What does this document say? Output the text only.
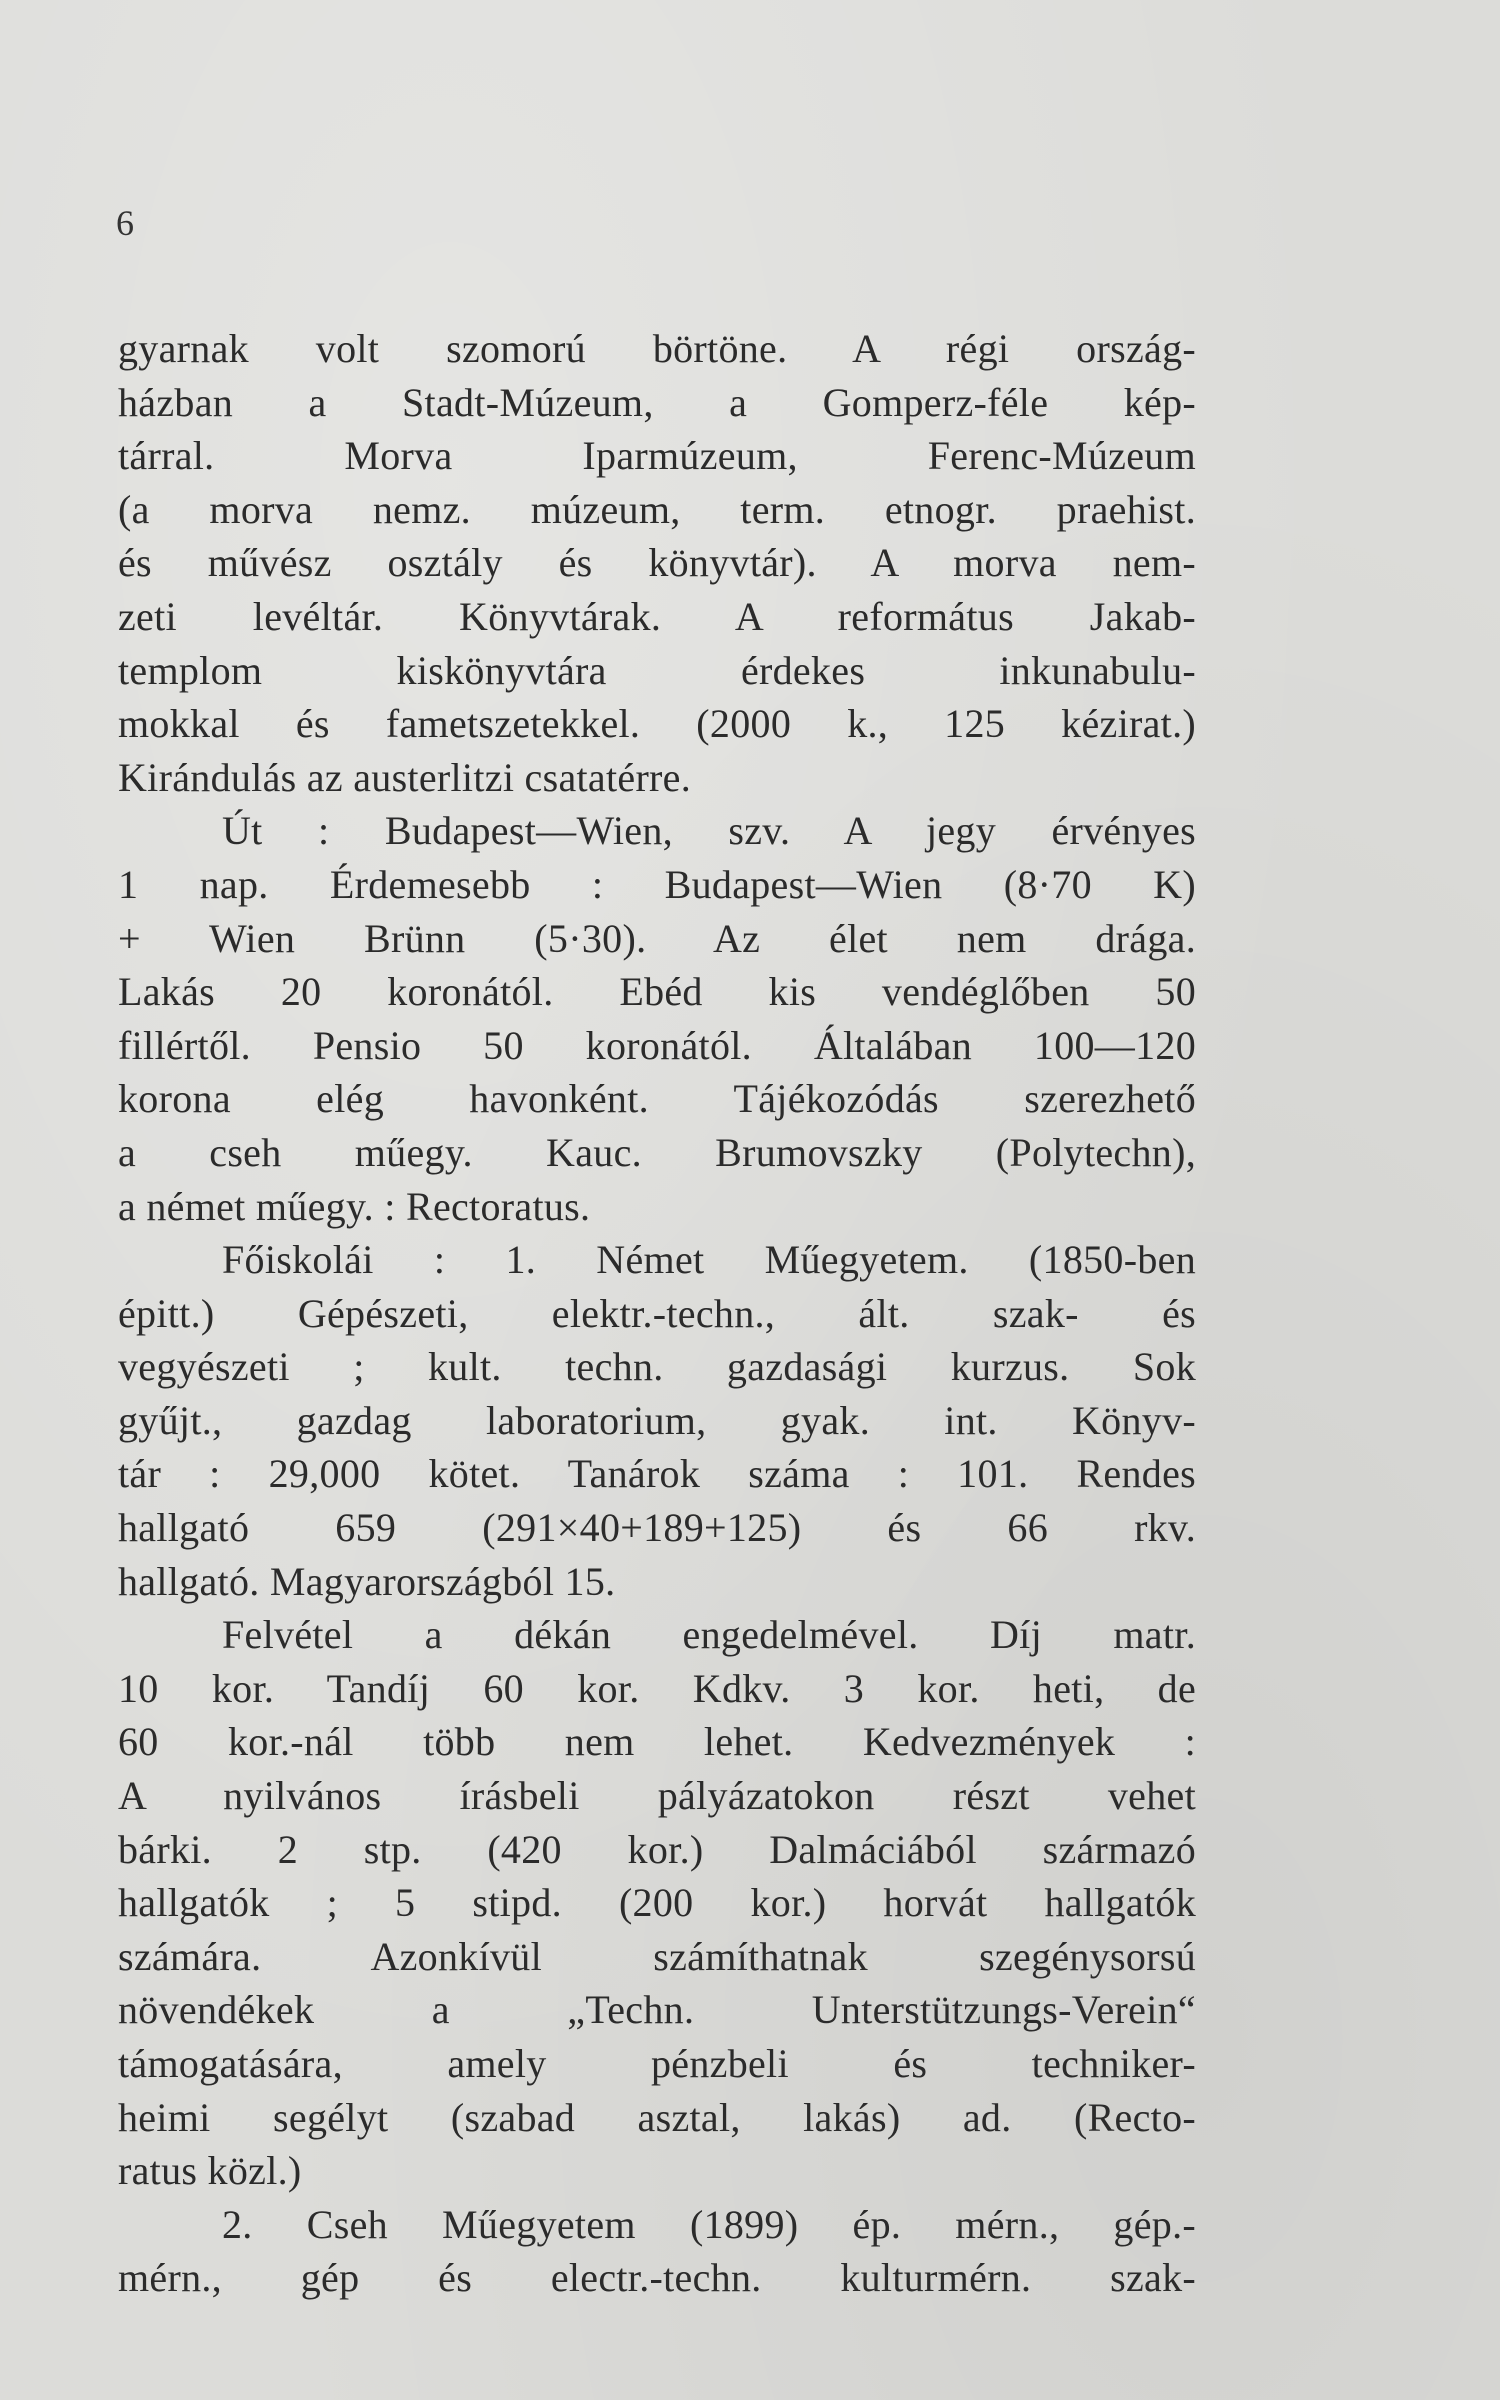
6
gyarnak volt szomorú börtöne. A régi ország-
házban a Stadt-Múzeum, a Gomperz-féle kép-
tárral. Morva Iparmúzeum, Ferenc-Múzeum
(a morva nemz. múzeum, term. etnogr. praehist.
és művész osztály és könyvtár). A morva nem-
zeti levéltár. Könyvtárak. A református Jakab-
templom kiskönyvtára érdekes inkunabulu-
mokkal és fametszetekkel. (2000 k., 125 kézirat.)
Kirándulás az austerlitzi csatatérre.
Út : Budapest—Wien, szv. A jegy érvényes
1 nap. Érdemesebb : Budapest—Wien (8·70 K)
+ Wien Brünn (5·30). Az élet nem drága.
Lakás 20 koronától. Ebéd kis vendéglőben 50
fillértől. Pensio 50 koronától. Általában 100—120
korona elég havonként. Tájékozódás szerezhető
a cseh műegy. Kauc. Brumovszky (Polytechn),
a német műegy. : Rectoratus.
Főiskolái : 1. Német Műegyetem. (1850-ben
épitt.) Gépészeti, elektr.-techn., ált. szak- és
vegyészeti ; kult. techn. gazdasági kurzus. Sok
gyűjt., gazdag laboratorium, gyak. int. Könyv-
tár : 29,000 kötet. Tanárok száma : 101. Rendes
hallgató 659 (291×40+189+125) és 66 rkv.
hallgató. Magyarországból 15.
Felvétel a dékán engedelmével. Díj matr.
10 kor. Tandíj 60 kor. Kdkv. 3 kor. heti, de
60 kor.-nál több nem lehet. Kedvezmények :
A nyilvános írásbeli pályázatokon részt vehet
bárki. 2 stp. (420 kor.) Dalmáciából származó
hallgatók ; 5 stipd. (200 kor.) horvát hallgatók
számára. Azonkívül számíthatnak szegénysorsú
növendékek a „Techn. Unterstützungs-Verein“
támogatására, amely pénzbeli és techniker-
heimi segélyt (szabad asztal, lakás) ad. (Recto-
ratus közl.)
2. Cseh Műegyetem (1899) ép. mérn., gép.-
mérn., gép és electr.-techn. kulturmérn. szak-
